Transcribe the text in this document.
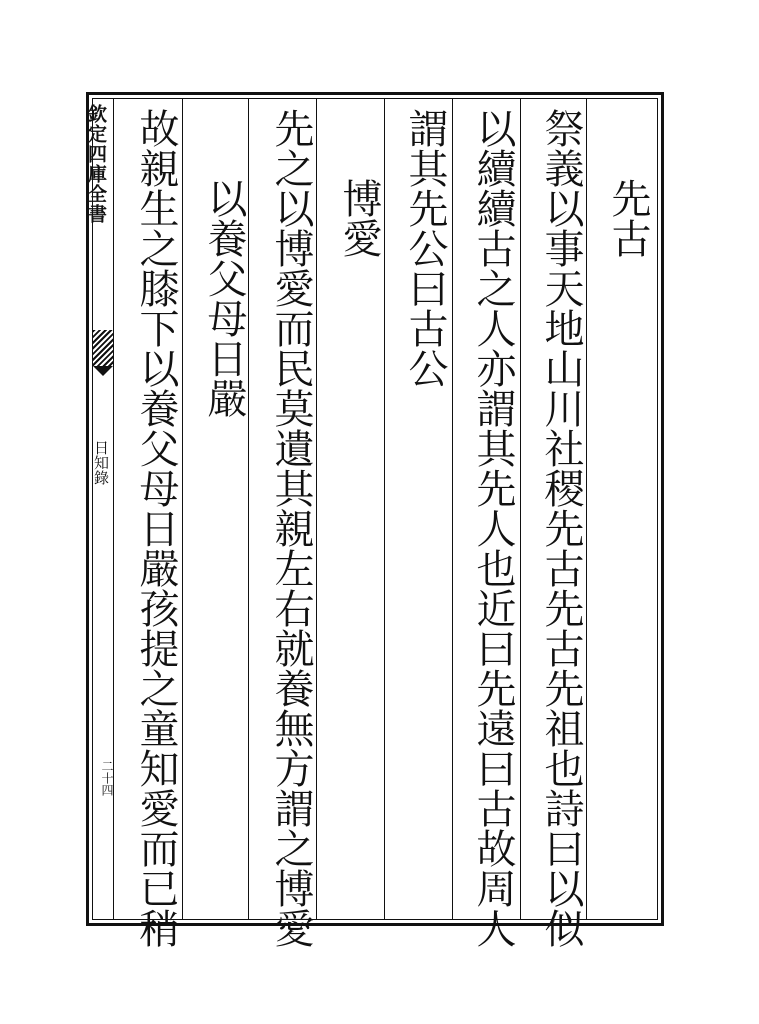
欽定四庫全書
日知錄
二十四
先古
祭義以事天地山川社稷先古先古先祖也詩曰以似
以續續古之人亦謂其先人也近曰先遠曰古故周人
謂其先公曰古公
博愛
先之以博愛而民莫遺其親左右就養無方謂之博愛
以養父母日嚴
故親生之膝下以養父母日嚴孩提之童知愛而已稍
